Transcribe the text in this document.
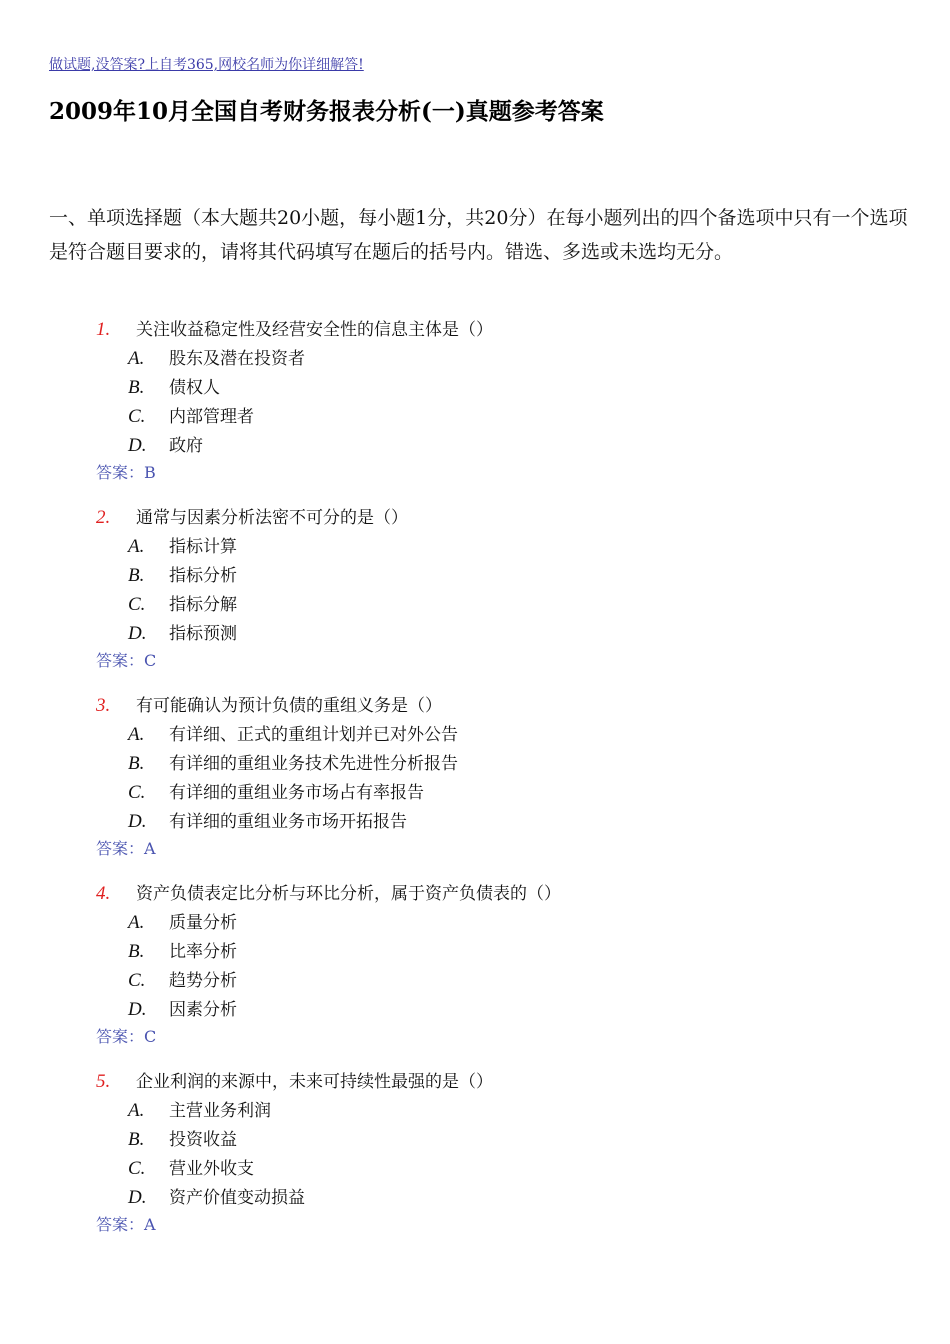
做试题,没答案?上自考365,网校名师为你详细解答!
2009年10月全国自考财务报表分析(一)真题参考答案

一、单项选择题（本大题共20小题，每小题1分，共20分）在每小题列出的四个备选项中只有一个选项是符合题目要求的，请将其代码填写在题后的括号内。错选、多选或未选均无分。

1. 关注收益稳定性及经营安全性的信息主体是（）
A. 股东及潜在投资者
B. 债权人
C. 内部管理者
D. 政府
答案：B
2. 通常与因素分析法密不可分的是（）
A. 指标计算
B. 指标分析
C. 指标分解
D. 指标预测
答案：C
3. 有可能确认为预计负债的重组义务是（）
A. 有详细、正式的重组计划并已对外公告
B. 有详细的重组业务技术先进性分析报告
C. 有详细的重组业务市场占有率报告
D. 有详细的重组业务市场开拓报告
答案：A
4. 资产负债表定比分析与环比分析，属于资产负债表的（）
A. 质量分析
B. 比率分析
C. 趋势分析
D. 因素分析
答案：C
5. 企业利润的来源中，未来可持续性最强的是（）
A. 主营业务利润
B. 投资收益
C. 营业外收支
D. 资产价值变动损益
答案：A
